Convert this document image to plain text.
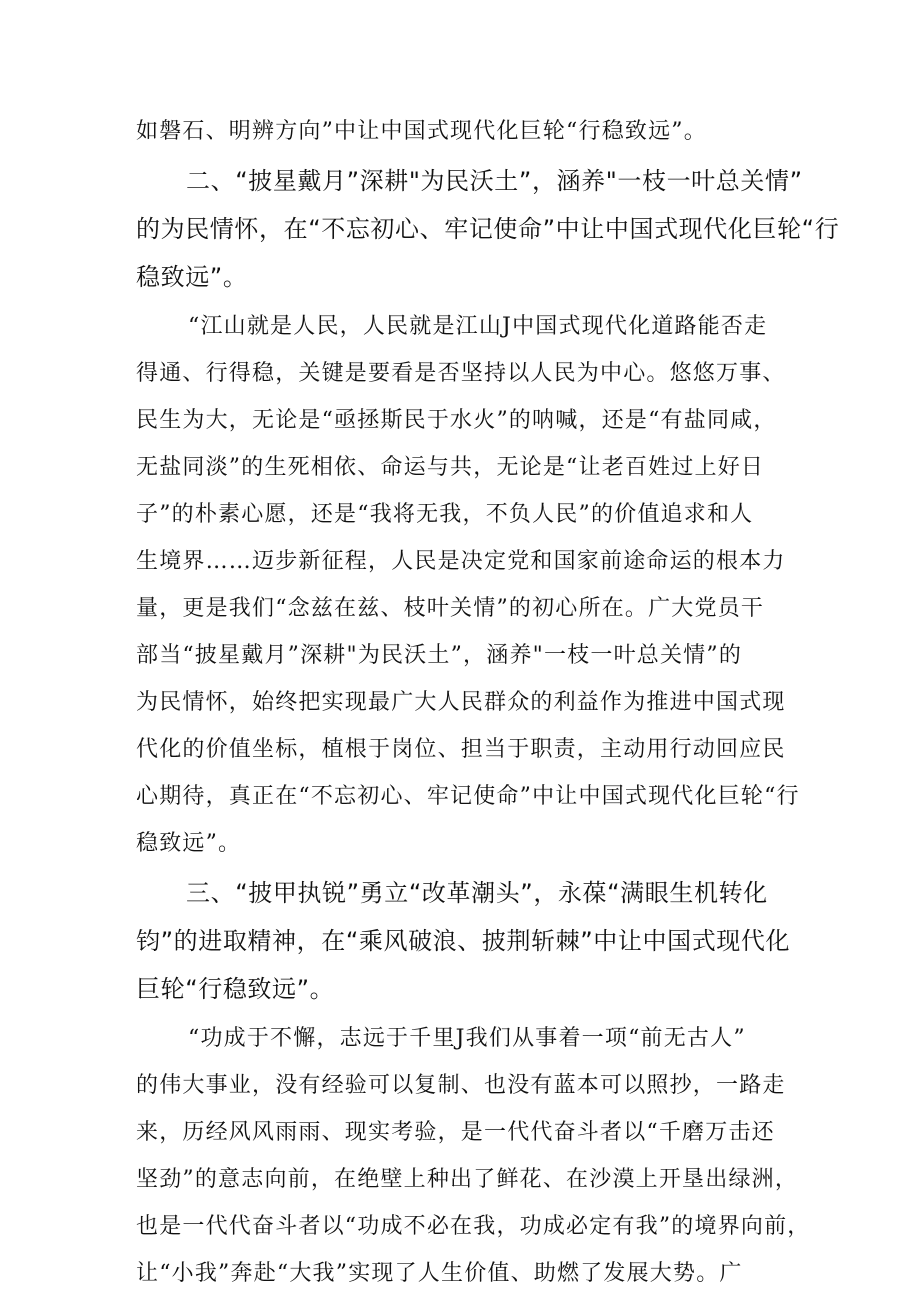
如磐石、明辨方向”中让中国式现代化巨轮“行稳致远”。
二、“披星戴月”深耕"为民沃土”，涵养"一枝一叶总关情”
的为民情怀，在“不忘初心、牢记使命”中让中国式现代化巨轮“行
稳致远”。
“江山就是人民，人民就是江山J中国式现代化道路能否走
得通、行得稳，关键是要看是否坚持以人民为中心。悠悠万事、
民生为大，无论是“亟拯斯民于水火”的呐喊，还是“有盐同咸，
无盐同淡”的生死相依、命运与共，无论是“让老百姓过上好日
子”的朴素心愿，还是“我将无我，不负人民”的价值追求和人
生境界……迈步新征程，人民是决定党和国家前途命运的根本力
量，更是我们“念兹在兹、枝叶关情”的初心所在。广大党员干
部当“披星戴月”深耕"为民沃土”，涵养"一枝一叶总关情”的
为民情怀，始终把实现最广大人民群众的利益作为推进中国式现
代化的价值坐标，植根于岗位、担当于职责，主动用行动回应民
心期待，真正在“不忘初心、牢记使命”中让中国式现代化巨轮“行
稳致远”。
三、“披甲执锐”勇立“改革潮头”，永葆“满眼生机转化
钧”的进取精神，在“乘风破浪、披荆斩棘”中让中国式现代化
巨轮“行稳致远”。
“功成于不懈，志远于千里J我们从事着一项“前无古人”
的伟大事业，没有经验可以复制、也没有蓝本可以照抄，一路走
来，历经风风雨雨、现实考验，是一代代奋斗者以“千磨万击还
坚劲”的意志向前，在绝壁上种出了鲜花、在沙漠上开垦出绿洲，
也是一代代奋斗者以“功成不必在我，功成必定有我”的境界向前，
让“小我”奔赴“大我”实现了人生价值、助燃了发展大势。广
